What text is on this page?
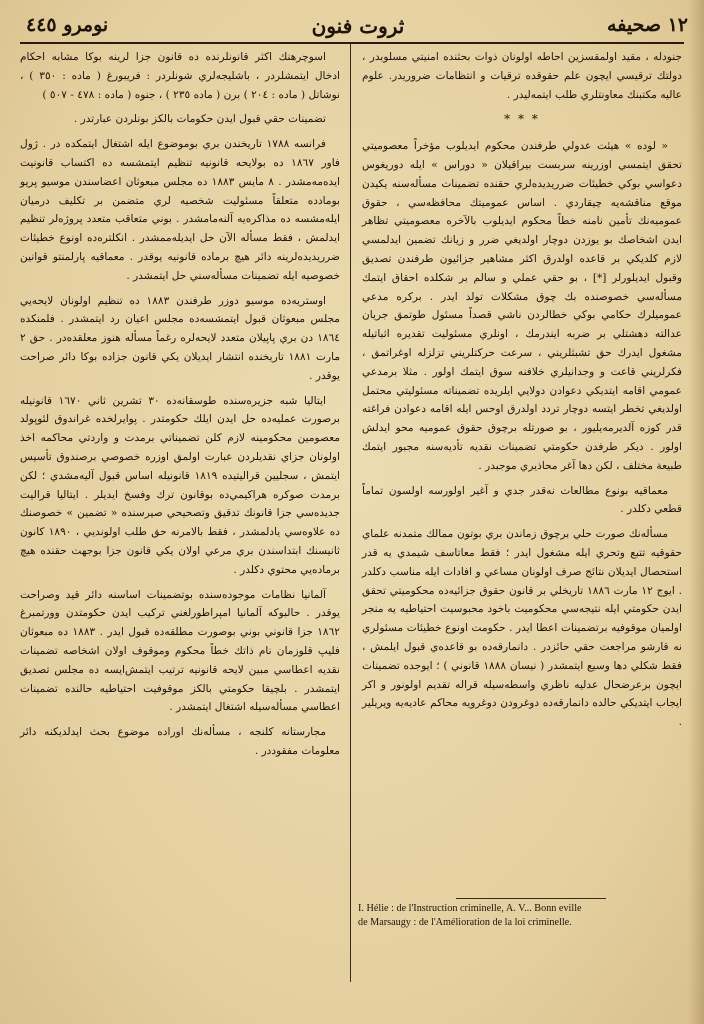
١٢ صحيفه
ثروت فنون
نومرو ٤٤٥

جنودله ، مقيد اولمقسزين احاطه اولونان ذوات بحثنده امنيتي مسلوبدر ، دولتك ترقيسي ايچون علم حقوقده ترقيات و انتظامات ضروريدر. علوم عاليه مكتبنك معاونتلري طلب ايتمه‌ليدر .

* * *

« لوده » هيئت عدولي طرفندن محكوم ايديلوب مؤخراً معصوميتي تحقق ايتمسي اوزرينه سربست بيراقيلان « دوراس » ايله دوريغوس دعواسي بوكي خطيئات ضرريديده‌لري حقنده تضمينات مسأله‌سنه يكيدن موقع مناقشه‌يه چيقاردي . اساس عموميتك محافظه‌سي ، حقوق عموميه‌نك تأمين نامنه خطاً محكوم ايديلوب بالآخره معصوميتي تظاهر ايدن اشخاصك بو يوزدن دوچار اولديغي ضرر و زيانك تضمين ايدلمسي لازم كلديكي بر قاعده اولدرق اكثر مشاهير جزائيون طرفندن تصديق وقبول ايديلورلر [*] ، بو حقي عملي و سالم بر شكلده احقاق ايتمك مسأله‌سي خصوصنده بك چوق مشكلات تولد ايدر . بركره مدعي عموميلرك حكامي بوكي خطالردن ناشي قصداً مسئول طوتمق جريان عدالته دهشتلي بر ضربه ايندرمك ، اونلري مسئوليت تقديره اثباتيله مشغول ايدرك حق تشبثلريني ، سرعت حركتلريني تزلزله اوغراتمق ، فكرلريني قاعت و وجدانيلري خلافنه سوق ايتمك اولور . مثلا برمدعي عمومي اقامه ايتديكي دعوادن دولايي ايلريده تضميناته مسئوليتي محتمل اولديغي تخطر ايتسه دوچار تردد اولدرق اوحس ايله اقامه دعوادن فراغته قدر كوزه آلديرمه‌يليور ، بو صورتله برچوق حقوق عموميه محو ايدلش اولور . ديكر طرفدن حكومتي تضمينات نقديه تأديه‌سنه مجبور ايتمك طبيعة مختلف ، لكن دها آغر محاذيري موجبدر .

معماقيه بونوع مطالعات نه‌قدر جدي و آغير اولورسه اولسون تماماً قطعي دكلدر .

مسأله‌نك صورت حلي برچوق زماندن بري بوتون ممالك متمدنه علماي حقوقيه تتبع وتحري ايله مشغول ايدر ؛ فقط معاتاسف شيمدي يه قدر استحصال ايديلان نتائج صرف اولونان مساعي و افادات ايله مناسب دكلدر . ايوج ١٢ مارت ١٨٨٦ تاريخلي بر قانون حقوق جزائيه‌ده محكوميتي تحقق ايدن حكومتي ايله نتيجه‌سي محكوميت باخود محبوسيت احتياطيه يه منجر اولميان موقوفيه برتضمينات اعطا ايدر . حكومت اونوع خطيئات مسئولري نه قارشو مراجعت حقي حائزدر . دانمارقه‌ده بو قاعده‌ي قبول ايلمش ، فقط شكلي دها وسيع ايتمشدر ( نيسان ١٨٨٨ قانوني ) ؛ ايوجده تضمينات ايچون برعرضحال عدليه ناظري واسطه‌سيله قراله تقديم اولونور و اكر ايجاب ايتديكي حالده دانمارقه‌ده دوغرودن دوغرويه محاكم عاديه‌يه ويريلير .

اسوچرهنك اكثر قانونلرنده ده قانون جزا لرينه بوكا مشابه احكام ادخال ايتمشلردر ، باشليجه‌لري شونلردر : فريبورغ ( ماده : ٣٥٠ ) ، نوشاتل ( ماده : ٢٠٤ ) برن ( ماده ٢٣٥ ) ، جنوه ( ماده : ٤٧٨ - ٥٠٧ )

تضمينات حقي قبول ايدن حكومات بالكز بونلردن عبارتدر .

فرانسه ١٧٨٨ تاريخندن بري بوموضوع ايله اشتغال ايتمكده در . ژول فاور ١٨٦٧ ده بولايحه قانونيه تنظيم ايتمشسه ده اكتساب قانونيت ايده‌مه‌مشدر . ٨ مايس ١٨٨٣ ده مجلس مبعوثان اعضاسندن موسيو پريو بومادده متعلقاً مسئوليت شخصيه لري متضمن بر تكليف درميان ايله‌مشسه ده مذاكره‌يه آلنه‌مامشدر . بوني متعاقب متعدد پروژه‌لر تنظيم ايدلمش ، فقط مسأله الآن حل ايديله‌ممشدر . انكلتره‌ده اونوع خطيئات ضرريديده‌لرينه دائر هيچ برماده قانونيه يوقدر . معماقيه پارلمنتو قوانين خصوصيه ايله تضمينات مسأله‌سني حل ايتمشدر .

اوستريه‌ده موسيو دوزر طرفندن ١٨٨٣ ده تنظيم اولونان لايحه‌يي مجلس مبعوثان قبول ايتمشسه‌ده مجلس اعيان رد ايتمشدر . فلمنكده ١٨٦٤ دن بري پاپيلان متعدد لايحه‌لره رغماً مسأله هنوز معلقده‌در . حق ٢ مارت ١٨٨١ تاريخنده انتشار ايديلان يكي قانون جزاده بوكا دائر صراحت يوقدر .

ايتاليا شبه جزيره‌سنده طوسقانه‌ده ٣٠ تشرين ثاني ١٦٧٠ قانونيله برصورت عمليه‌ده حل ايدن ايلك حكومتدر . پوايرلخده غراندوق لئوپولد معصومين محكومينه لازم كلن تضميناتي برمدت و واردتي محاكمه اخذ اولونان جزاي نقديلردن عبارت اولمق اوزره خصوصي برصندوق تأسيس ايتمش ، سجليين قراليتيده ١٨١٩ قانونيله اساس قبول آليه‌مشدي ؛ لكن برمدت صوكره هراكيمي‌ده بوقانون ترك وفسخ ايديلر . ايتاليا قراليت جديده‌سي جزا قانونك تدقيق وتصحيحي صيرسنده « تضمين » خصوصنك ده علاوه‌سي يادلمشدر ، فقط بالامرنه حق طلب اولونديي ، ١٨٩٠ كانون ثانيسنك ابتداسندن بري مرعي اولان يكي قانون جزا بوجهت حقنده هيچ برماده‌يي محتوي دكلدر .

آلمانيا نظامات موجوده‌سنده بوتضمينات اساسنه دائر قيد وصراحت يوقدر . حالبوكه آلمانيا امپراطورلغني تركيب ايدن حكومتدن وورتمبرغ ١٨٦٢ جزا قانوني بوني بوصورت مطلقه‌ده قبول ايدر . ١٨٨٣ ده مبعوثان فليپ قلوزمان نام ذاتك خطاً محكوم وموقوف اولان اشخاصه تضمينات نقديه اعطاسي مبين لايحه قانونيه ترتيب ايتمش‌ايسه ده مجلس تصديق ايتمشدر . بلچيقا حكومتي بالكز موقوفيت احتياطيه حالنده تضمينات اعطاسي مسأله‌سيله اشتغال ايتمشدر .

مجارستانه كلنجه ، مسأله‌نك اوراده موضوع بحث ايدلديكنه دائر معلومات مفقوددر .

I. Hélie : de l'Instruction criminelle, A. V... Bonn eville
de Marsaugy : de l'Amélioration de la loi criminelle.
